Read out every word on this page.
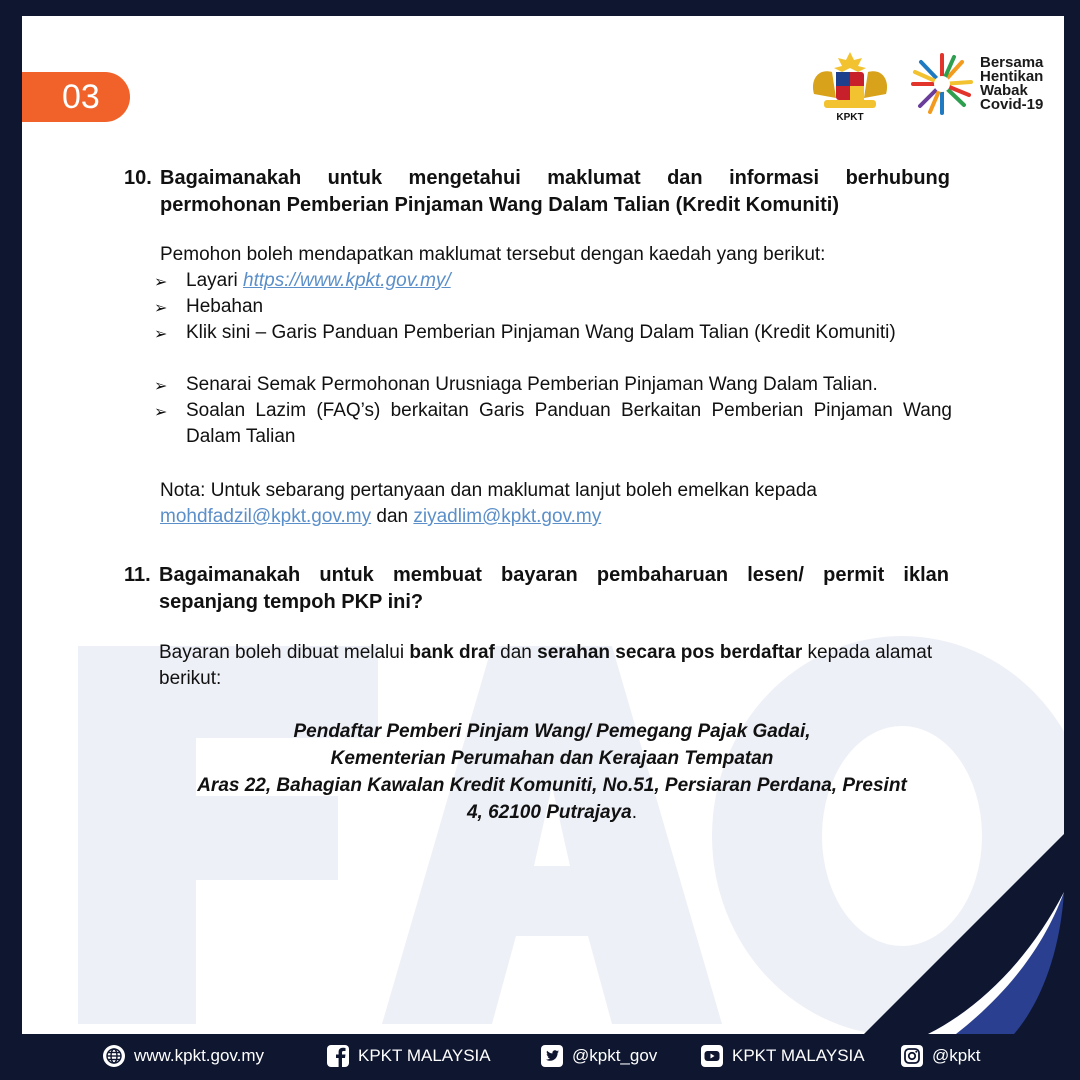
03
KPKT
Bersama
Hentikan
Wabak
Covid-19
10. Bagaimanakah untuk mengetahui maklumat dan informasi berhubung
permohonan Pemberian Pinjaman Wang Dalam Talian (Kredit Komuniti)
Pemohon boleh mendapatkan maklumat tersebut dengan kaedah yang berikut:
➢ Layari https://www.kpkt.gov.my/
➢ Hebahan
➢ Klik sini – Garis Panduan Pemberian Pinjaman Wang Dalam Talian (Kredit Komuniti)
➢ Senarai Semak Permohonan Urusniaga Pemberian Pinjaman Wang Dalam Talian.
➢ Soalan Lazim (FAQ’s) berkaitan Garis Panduan Berkaitan Pemberian Pinjaman Wang Dalam Talian
Nota: Untuk sebarang pertanyaan dan maklumat lanjut boleh emelkan kepada
mohdfadzil@kpkt.gov.my dan ziyadlim@kpkt.gov.my
11. Bagaimanakah untuk membuat bayaran pembaharuan lesen/ permit iklan
sepanjang tempoh PKP ini?
Bayaran boleh dibuat melalui bank draf dan serahan secara pos berdaftar kepada alamat berikut:
Pendaftar Pemberi Pinjam Wang/ Pemegang Pajak Gadai,
Kementerian Perumahan dan Kerajaan Tempatan
Aras 22, Bahagian Kawalan Kredit Komuniti, No.51, Persiaran Perdana, Presint
4, 62100 Putrajaya.
www.kpkt.gov.my	KPKT MALAYSIA	@kpkt_gov	KPKT MALAYSIA	@kpkt
